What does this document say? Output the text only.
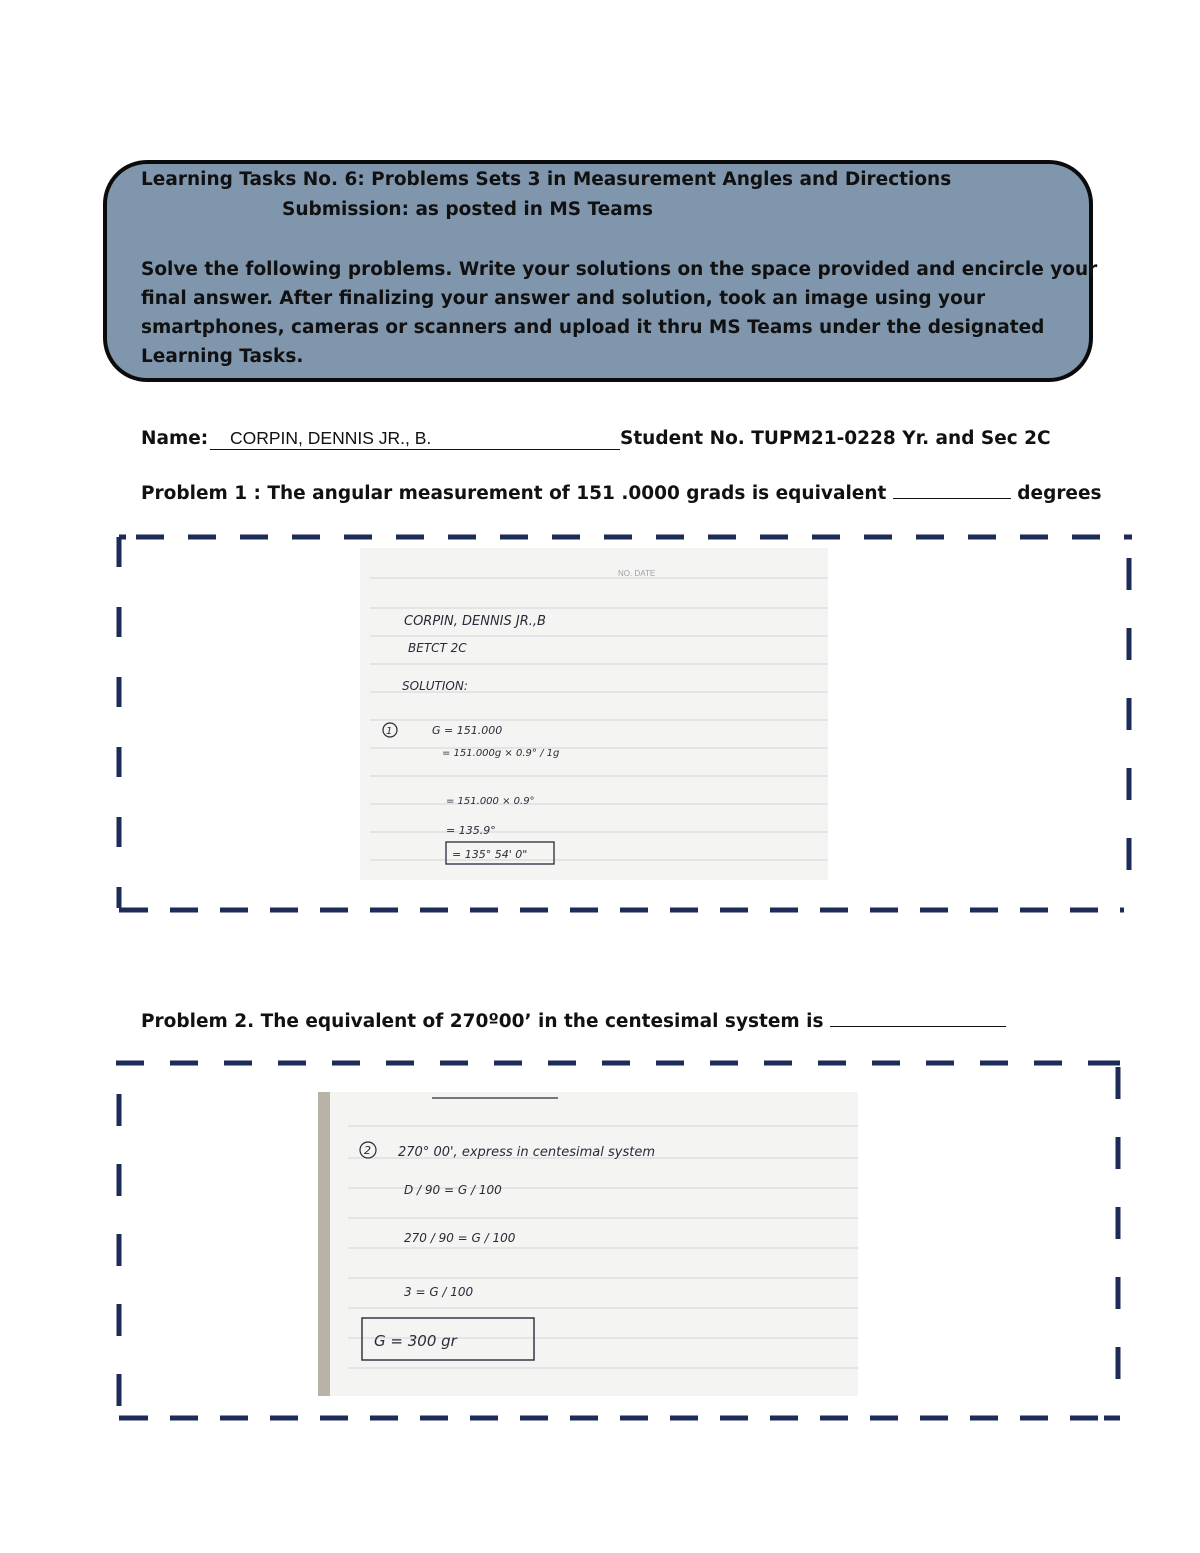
Learning Tasks No. 6: Problems Sets 3 in Measurement Angles and Directions
Submission: as posted in MS Teams
Solve the following problems. Write your solutions on the space provided and encircle your
final answer. After finalizing your answer and solution, took an image using your
smartphones, cameras or scanners and upload it thru MS Teams under the designated
Learning Tasks.
Name:	CORPIN, DENNIS JR., B.	Student No. TUPM21-0228 Yr. and Sec 2C
Problem 1 : The angular measurement of 151 .0000 grads is equivalent	degrees
NO. DATE
CORPIN, DENNIS JR.,B
BETCT 2C
SOLUTION:
1	G = 151.000
= 151.000g × 0.9° / 1g
= 151.000 × 0.9°
= 135.9°
= 135° 54' 0"
Problem 2. The equivalent of 270º00’ in the centesimal system is
2 270° 00', express in centesimal system
D / 90 = G / 100
270 / 90 = G / 100
3 = G / 100
G = 300 gr
